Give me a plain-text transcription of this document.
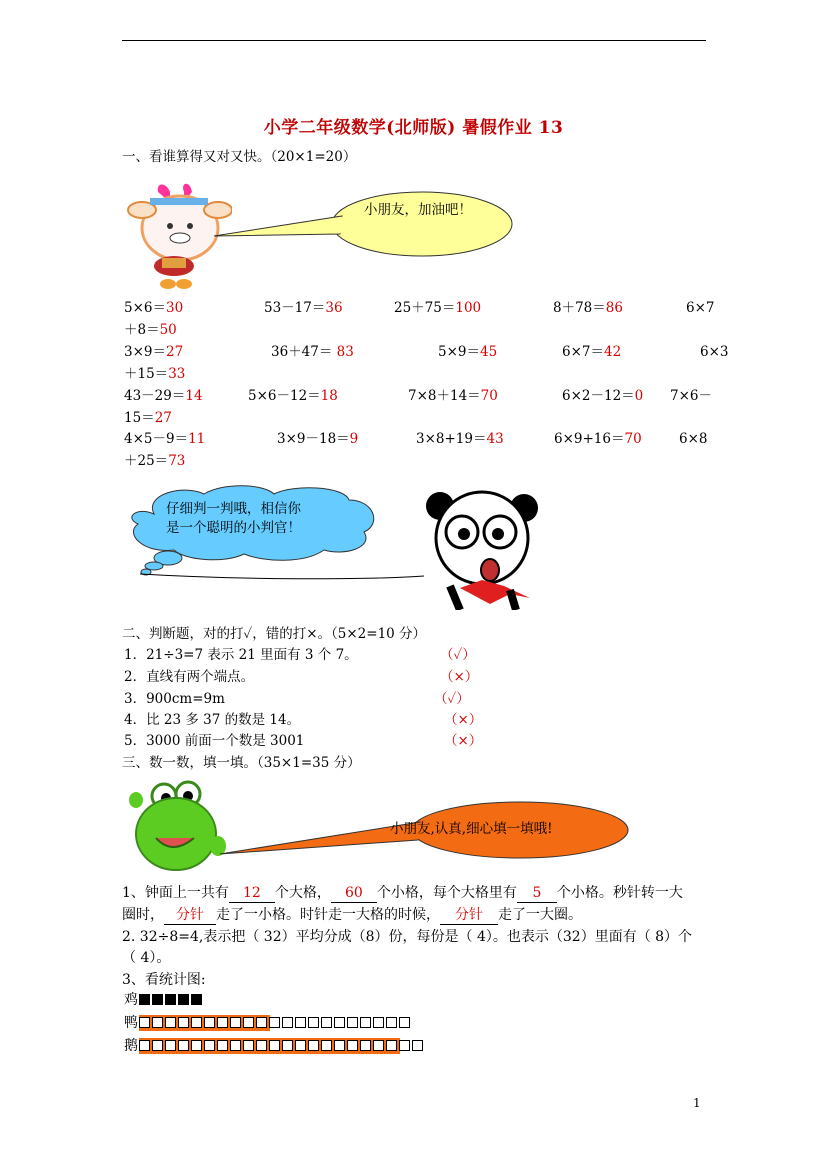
小学二年级数学(北师版) 暑假作业 13
一、看谁算得又对又快。（20×1=20）
小朋友，加油吧！
5×6＝30	53－17＝36	25＋75＝100	8＋78＝86	6×7
＋8＝50
3×9＝27	36＋47＝ 83	5×9＝45	6×7＝42	6×3
＋15＝33
43－29＝14	5×6－12＝18	7×8＋14＝70	6×2－12＝0 7×6－
15＝27
4×5－9＝11	3×9－18＝9	3×8+19＝43	6×9+16＝70	6×8
＋25＝73
仔细判一判哦，相信你
是一个聪明的小判官！
二、判断题，对的打✓，错的打×。（5×2=10 分）
1．21÷3=7 表示 21 里面有 3 个 7。	（✓）
2．直线有两个端点。	（×）
3．900cm=9m	（✓）
4．比 23 多 37 的数是 14。	（×）
5．3000 前面一个数是 3001	（×）
三、数一数，填一填。（35×1=35 分）
小朋友,认真,细心填一填哦!
1、钟面上一共有 12 个大格， 60 个小格，每个大格里有 5 个小格。秒针转一大
圈时， 分针 走了一小格。时针走一大格的时候， 分针 走了一大圈。
2. 32÷8=4,表示把（ 32）平均分成（8）份，每份是（ 4）。也表示（32）里面有（ 8）个
（ 4）。
3、看统计图:
鸡
鸭
鹅
1
